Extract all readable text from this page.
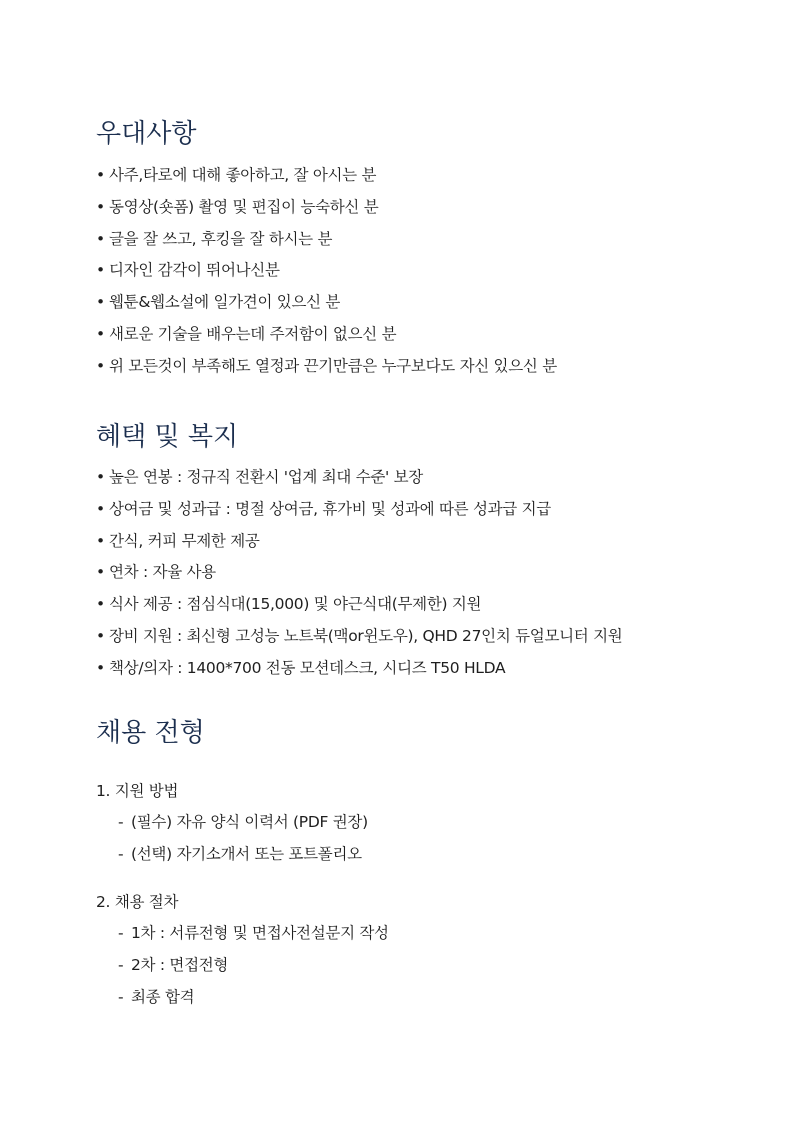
우대사항
• 사주,타로에 대해 좋아하고, 잘 아시는 분
• 동영상(숏폼) 촬영 및 편집이 능숙하신 분
• 글을 잘 쓰고, 후킹을 잘 하시는 분
• 디자인 감각이 뛰어나신분
• 웹툰&웹소설에 일가견이 있으신 분
• 새로운 기술을 배우는데 주저함이 없으신 분
• 위 모든것이 부족해도 열정과 끈기만큼은 누구보다도 자신 있으신 분
혜택 및 복지
• 높은 연봉 : 정규직 전환시 '업계 최대 수준' 보장
• 상여금 및 성과급 : 명절 상여금, 휴가비 및 성과에 따른 성과급 지급
• 간식, 커피 무제한 제공
• 연차 : 자율 사용
• 식사 제공 : 점심식대(15,000) 및 야근식대(무제한) 지원
• 장비 지원 : 최신형 고성능 노트북(맥or윈도우), QHD 27인치 듀얼모니터 지원
• 책상/의자 : 1400*700 전동 모션데스크, 시디즈 T50 HLDA
채용 전형

1. 지원 방법

- (필수) 자유 양식 이력서 (PDF 권장)
- (선택) 자기소개서 또는 포트폴리오

2. 채용 절차

- 1차 : 서류전형 및 면접사전설문지 작성
- 2차 : 면접전형
- 최종 합격
